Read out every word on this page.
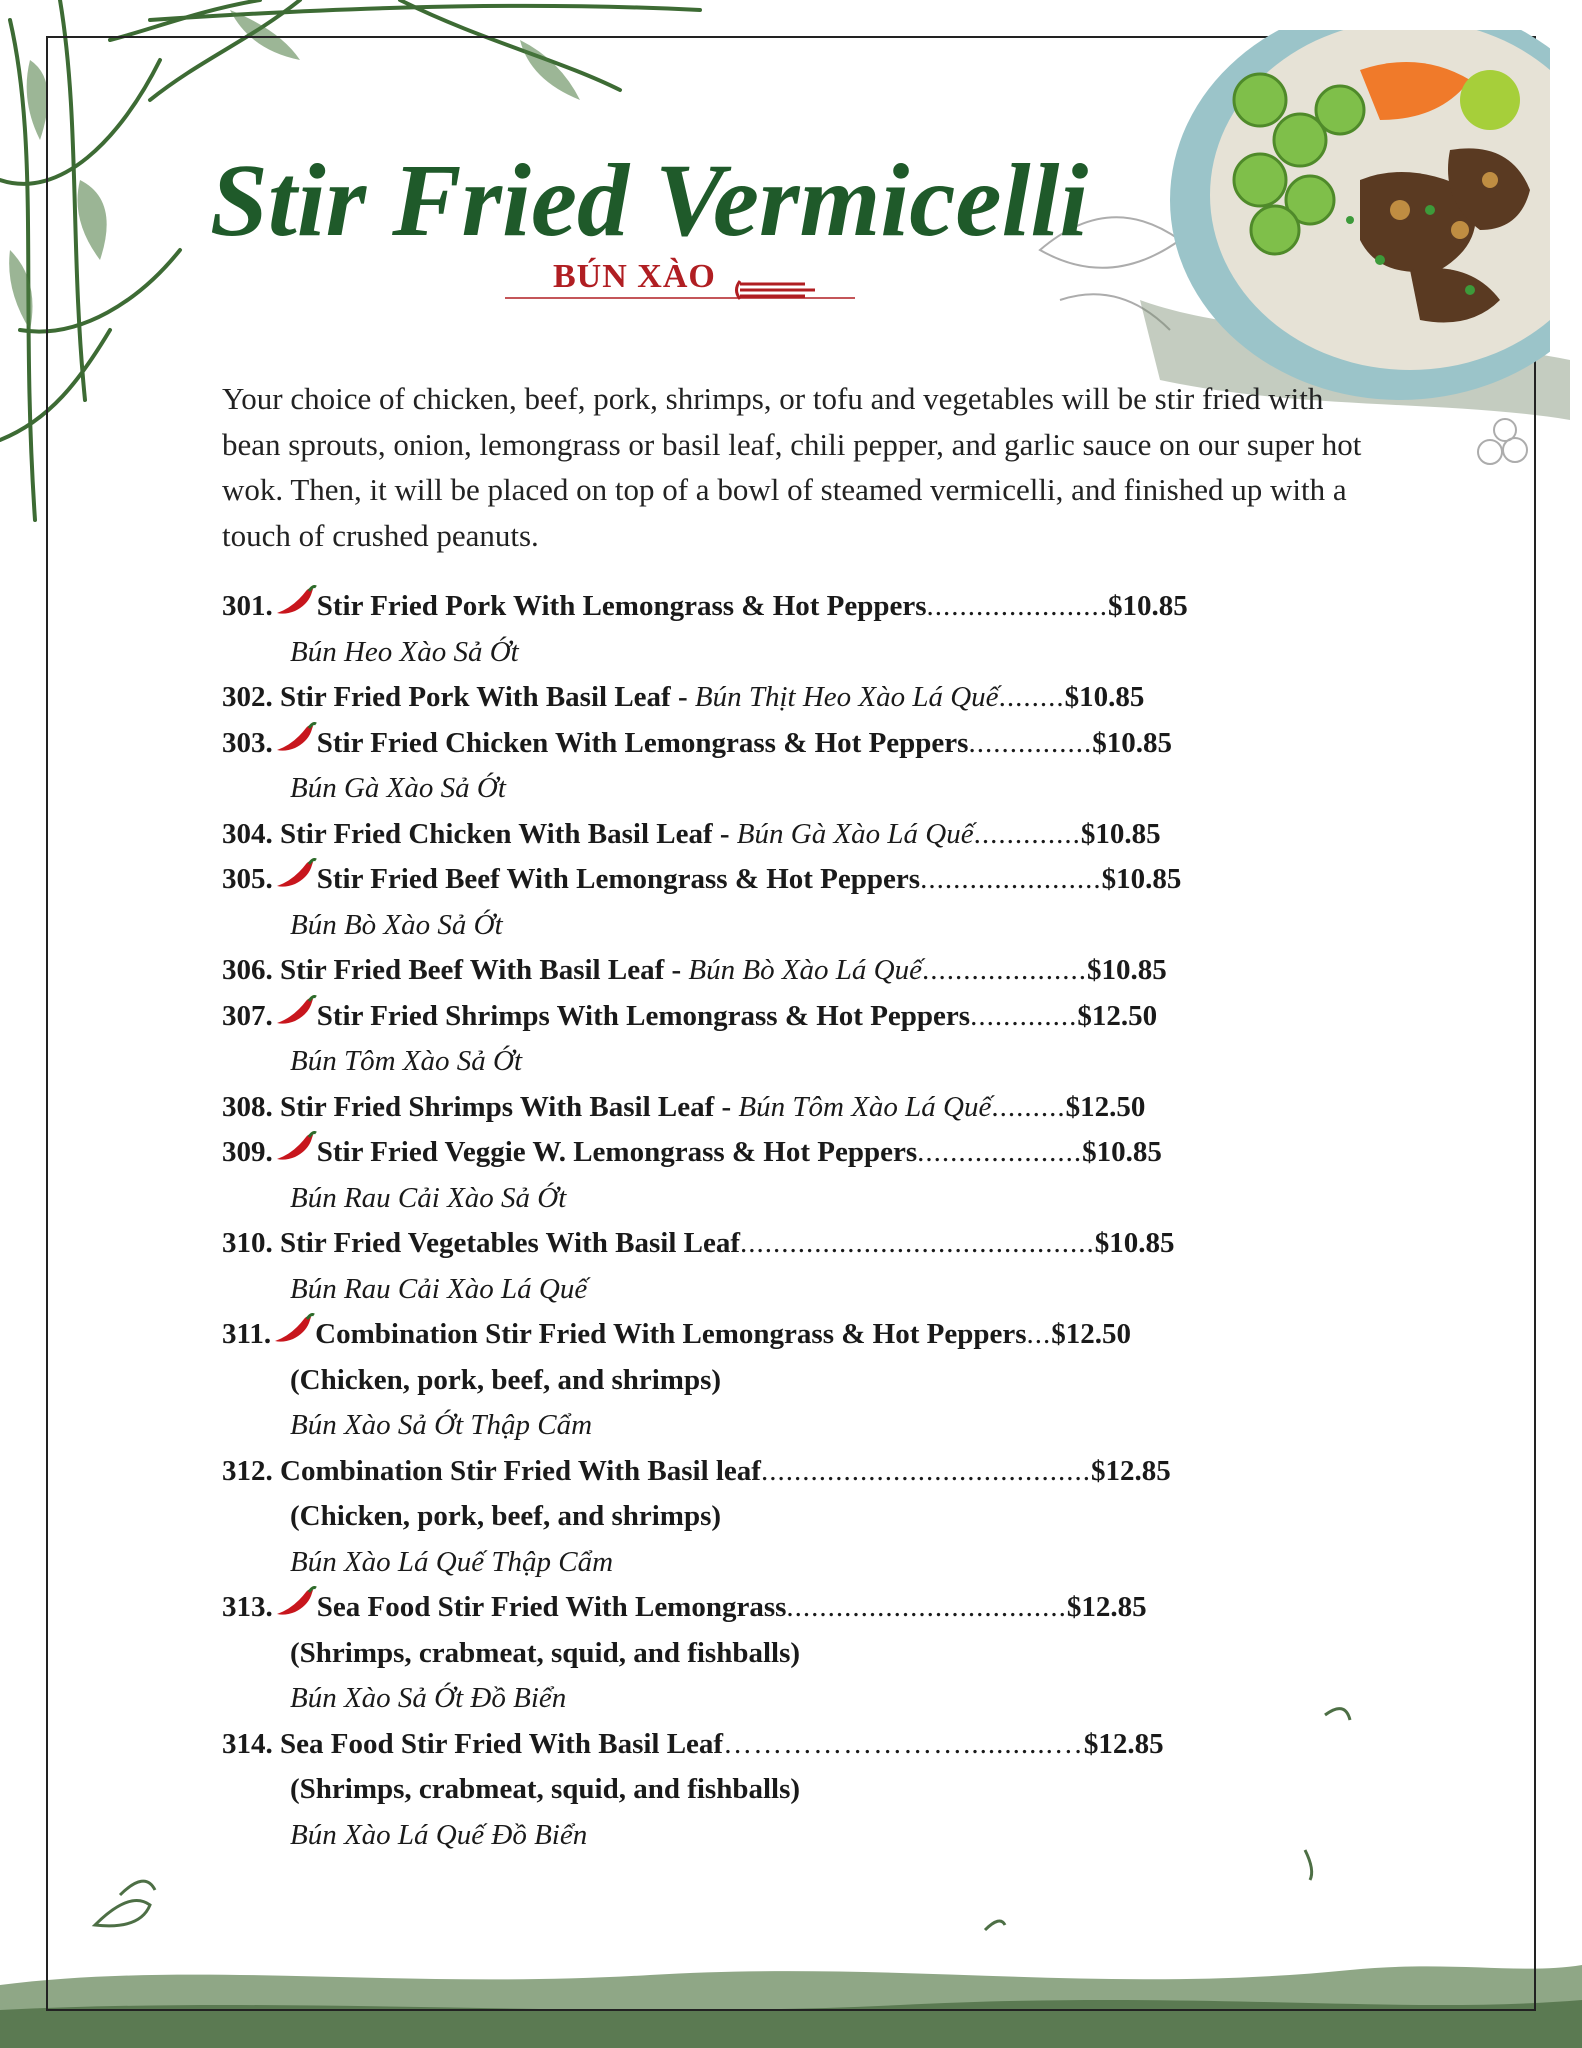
Stir Fried Vermicelli
BÚN XÀO
Your choice of chicken, beef, pork, shrimps, or tofu and vegetables will be stir fried with bean sprouts, onion, lemongrass or basil leaf, chili pepper, and garlic sauce on our super hot wok. Then, it will be placed on top of a bowl of steamed vermicelli, and finished up with a touch of crushed peanuts.
301. Stir Fried Pork With Lemongrass & Hot Peppers......................$10.85
Bún Heo Xào Sả Ớt
302. Stir Fried Pork With Basil Leaf - Bún Thịt Heo Xào Lá Quế........$10.85
303. Stir Fried Chicken With Lemongrass & Hot Peppers...............$10.85
Bún Gà Xào Sả Ớt
304. Stir Fried Chicken With Basil Leaf - Bún Gà Xào Lá Quế.............$10.85
305. Stir Fried Beef With Lemongrass & Hot Peppers......................$10.85
Bún Bò Xào Sả Ớt
306. Stir Fried Beef With Basil Leaf - Bún Bò Xào Lá Quế....................$10.85
307. Stir Fried Shrimps With Lemongrass & Hot Peppers.............$12.50
Bún Tôm Xào Sả Ớt
308. Stir Fried Shrimps With Basil Leaf - Bún Tôm Xào Lá Quế.........$12.50
309. Stir Fried Veggie W. Lemongrass & Hot Peppers....................$10.85
Bún Rau Cải Xào Sả Ớt
310. Stir Fried Vegetables With Basil Leaf...........................................$10.85
Bún Rau Cải Xào Lá Quế
311. Combination Stir Fried With Lemongrass & Hot Peppers...$12.50
(Chicken, pork, beef, and shrimps)
Bún Xào Sả Ớt Thập Cẩm
312. Combination Stir Fried With Basil leaf........................................$12.85
(Chicken, pork, beef, and shrimps)
Bún Xào Lá Quế Thập Cẩm
313. Sea Food Stir Fried With Lemongrass..................................$12.85
(Shrimps, crabmeat, squid, and fishballs)
Bún Xào Sả Ớt Đồ Biển
314. Sea Food Stir Fried With Basil Leaf……………………...........…$12.85
(Shrimps, crabmeat, squid, and fishballs)
Bún Xào Lá Quế Đồ Biển
